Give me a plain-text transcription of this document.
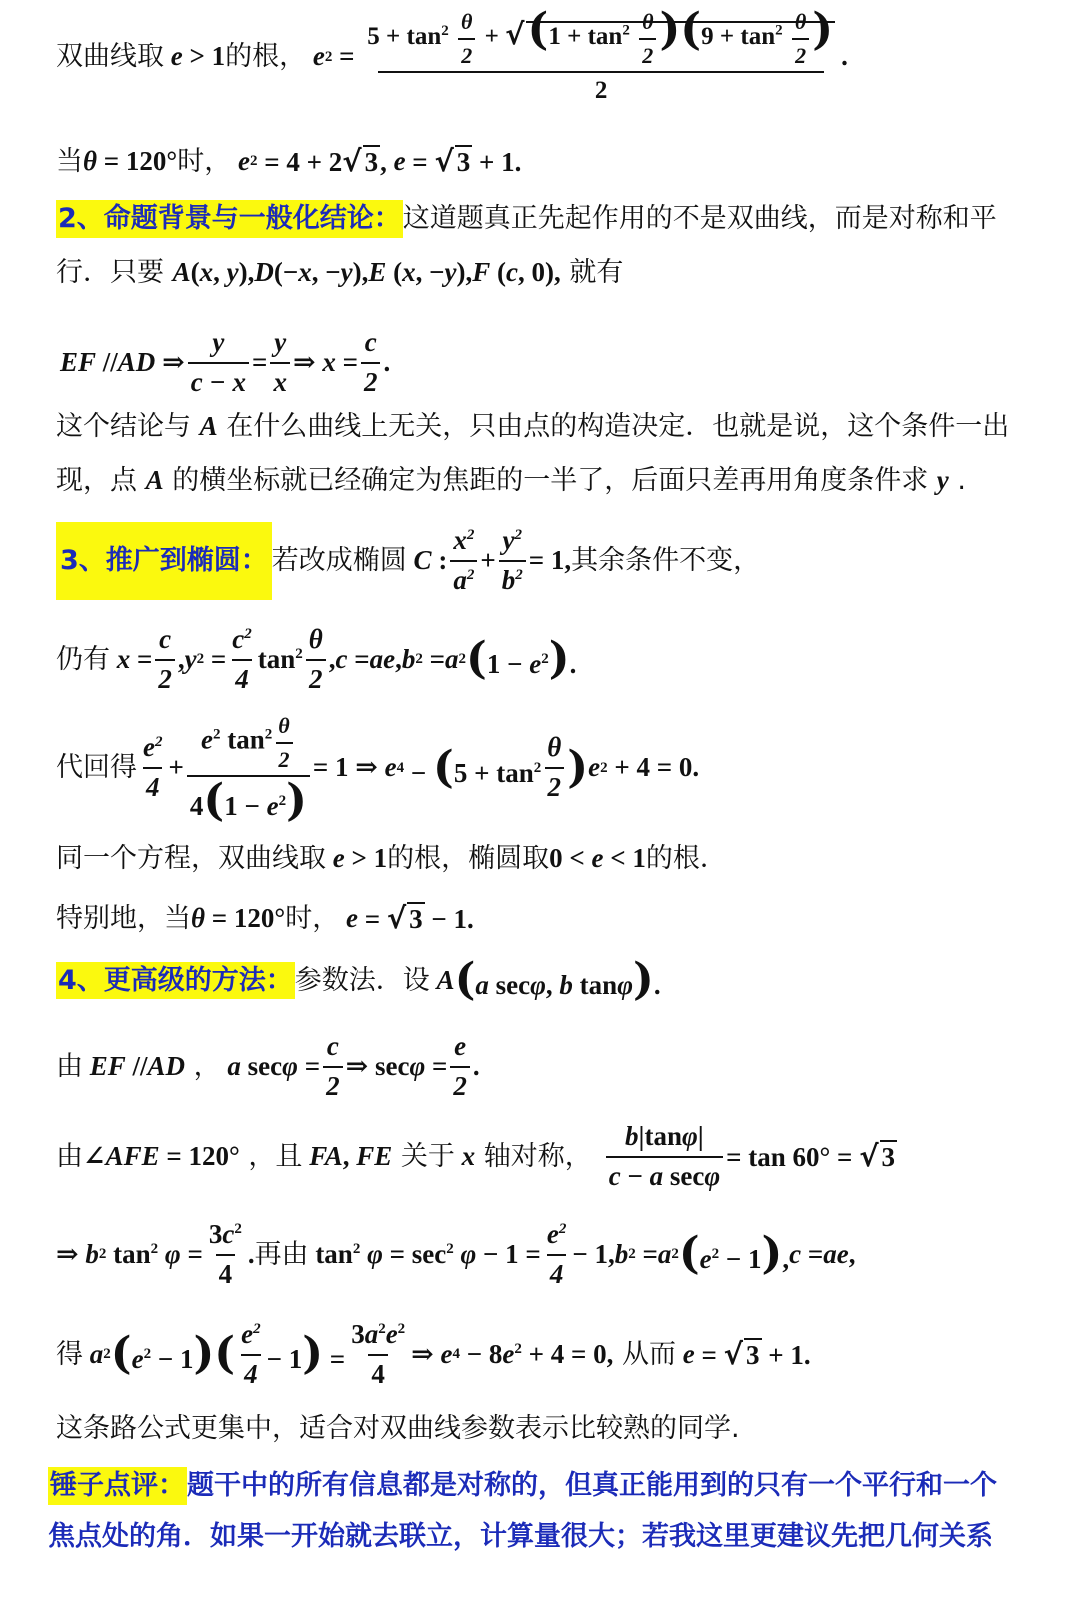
双曲线取 e > 1 的根， e 2 =
$5 + \tan^2 \frac{\theta}{2} + √(1 + \tan^2 \frac{\theta}{2} )(9 + \tan^2 \frac{\theta}{2}$ )
2
.
当 θ = 120° 时， e 2 = 4 + 2√ 3, e = √ 3 + 1.
2、命题背景与一般化结论： 这道题真正先起作用的不是双曲线，而是对称和平
行．只要
A (x, y), D (−x, −y), E (x, −y), F (c, 0), 就有
EF // AD ⇒ $\frac{y}{c - x} = \frac{y}{x}$ ⇒ $x = \frac{c}{2}$ .
这个结论与 A 在什么曲线上无关，只由点的构造决定．也就是说，这个条件一出
现，点 A 的横坐标就已经确定为焦距的一半了，后面只差再用角度条件求 y .
3、推广到椭圆： 若改成椭圆 C : $\frac{x^2}{a^2} + \frac{y^2}{b^2} = 1$, 其余条件不变，
仍有 $x = \frac{c}{2}$ , y $2 = \frac{c^2}{4} \tan^2 \frac{\theta}{2}$ , c = ae , b 2 = a 2 $(1 - e^2)$.
代回得 $\frac{e^2}{4} + \frac{e^2 \tan^2 \frac{\theta}{2}}{4(1 - e^2)} = 1$ ⇒ e $4 - (5 + \tan^2 \frac{\theta}{2}$ ) e 2 + 4 = 0.
同一个方程，双曲线取 e > 1 的根，椭圆取 0 < e < 1 的根．
特别地，当 θ = 120° 时， e = √ 3 − 1.
4、更高级的方法： 参数法．设 A (a secφ, b tanφ).
由 EF // AD ， a $\sec \varphi = \frac{c}{2}$ ⇒ $\sec \varphi = \frac{e}{2}$ .
由 ∠ AFE = 120° ，且 FA , FE 关于 x 轴对称， $\frac{b|\tan\varphi|}{\text{c − a secφ}} = \tan 60^\circ$ = √ 3
⇒ b 2 $\tan^2 \varphi = \frac{3c^2}{4}$ . 再由 $\tan^2 \varphi = \sec^2 \varphi - 1 = \frac{e^2}{4} - 1$, b 2 = a 2 $(e^2 - 1)$, c = ae ,
得 a 2 $(e^2 - 1)( \frac{e^2}{4} - 1) = \frac{3a^2e^2}{4}$ ⇒ e $4 - 8e^2 + 4 = 0$, 从而 e = √ 3 + 1.
这条路公式更集中，适合对双曲线参数表示比较熟的同学.
锤子点评： 题干中的所有信息都是对称的，但真正能用到的只有一个平行和一个
焦点处的角．如果一开始就去联立，计算量很大；若我这里更建议先把几何关系
